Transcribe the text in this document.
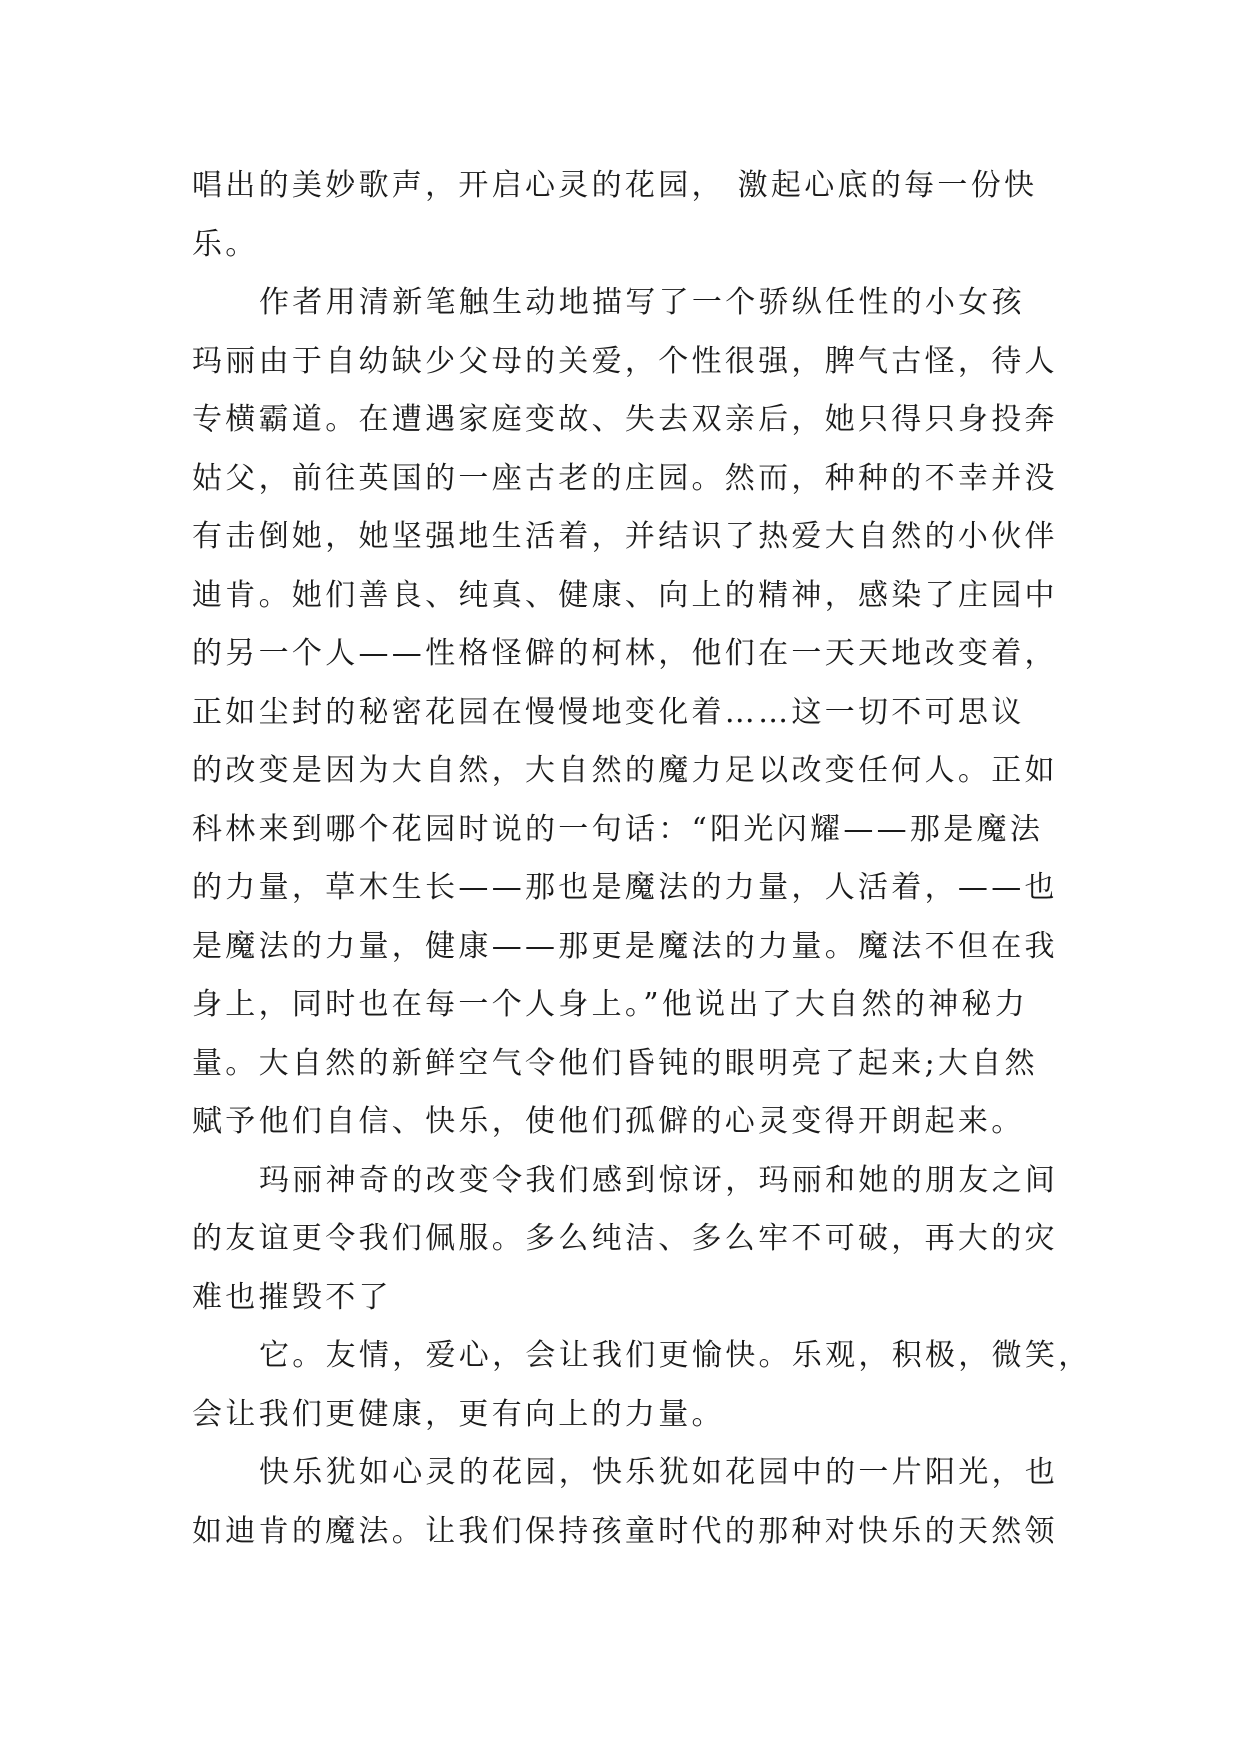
唱出的美妙歌声，开启心灵的花园， 激起心底的每一份快
乐。
作者用清新笔触生动地描写了一个骄纵任性的小女孩
玛丽由于自幼缺少父母的关爱，个性很强，脾气古怪，待人
专横霸道。在遭遇家庭变故、失去双亲后，她只得只身投奔
姑父，前往英国的一座古老的庄园。然而，种种的不幸并没
有击倒她，她坚强地生活着，并结识了热爱大自然的小伙伴
迪肯。她们善良、纯真、健康、向上的精神，感染了庄园中
的另一个人——性格怪僻的柯林，他们在一天天地改变着，
正如尘封的秘密花园在慢慢地变化着……这一切不可思议
的改变是因为大自然，大自然的魔力足以改变任何人。正如
科林来到哪个花园时说的一句话：“阳光闪耀——那是魔法
的力量，草木生长——那也是魔法的力量，人活着，——也
是魔法的力量，健康——那更是魔法的力量。魔法不但在我
身上，同时也在每一个人身上。”他说出了大自然的神秘力
量。大自然的新鲜空气令他们昏钝的眼明亮了起来;大自然
赋予他们自信、快乐，使他们孤僻的心灵变得开朗起来。
玛丽神奇的改变令我们感到惊讶，玛丽和她的朋友之间
的友谊更令我们佩服。多么纯洁、多么牢不可破，再大的灾
难也摧毁不了
它。友情，爱心，会让我们更愉快。乐观，积极，微笑，
会让我们更健康，更有向上的力量。
快乐犹如心灵的花园，快乐犹如花园中的一片阳光，也
如迪肯的魔法。让我们保持孩童时代的那种对快乐的天然领
